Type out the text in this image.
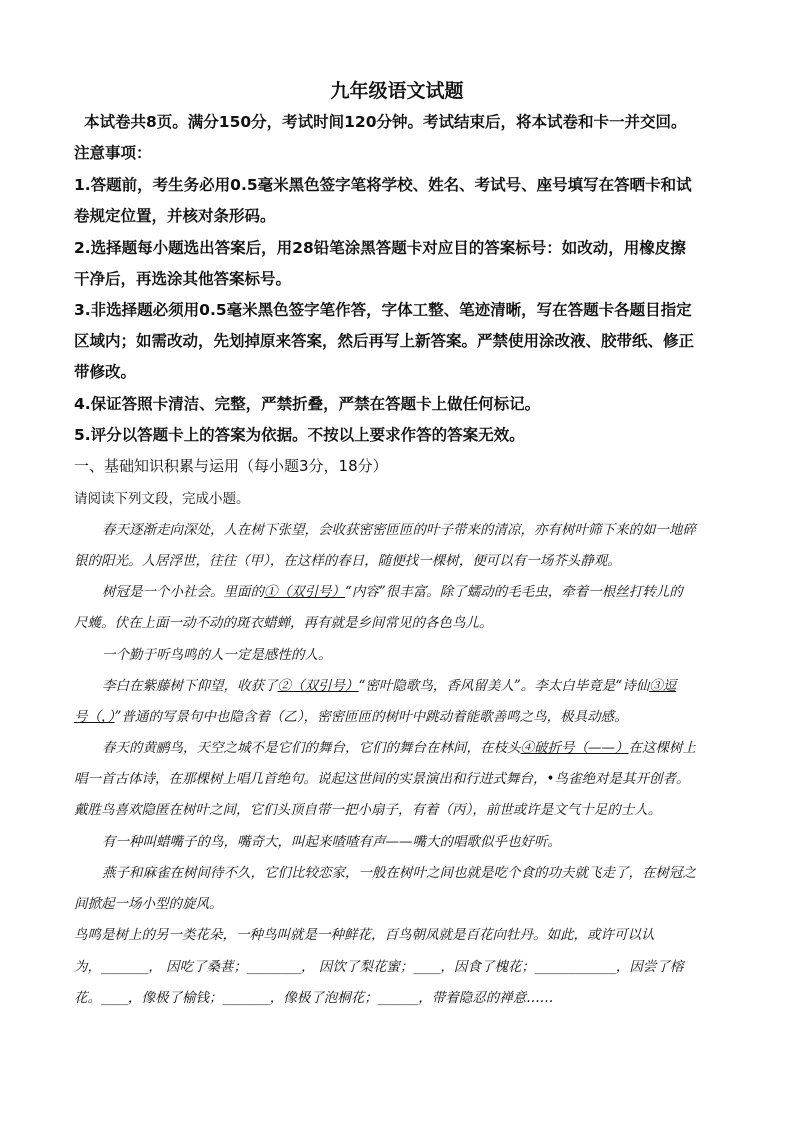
九年级语文试题
本试卷共8页。满分150分，考试时间120分钟。考试结束后，将本试卷和卡一并交回。
注意事项：
1.答题前，考生务必用0.5毫米黑色签字笔将学校、姓名、考试号、座号填写在答晒卡和试
卷规定位置，并核对条形码。
2.选择题每小题选出答案后，用28铅笔涂黑答题卡对应目的答案标号：如改动，用橡皮擦
干净后，再选涂其他答案标号。
3.非选择题必须用0.5毫米黑色签字笔作答，字体工整、笔迹清晰，写在答题卡各题目指定
区域内；如需改动，先划掉原来答案，然后再写上新答案。严禁使用涂改液、胶带纸、修正
带修改。
4.保证答照卡清洁、完整，严禁折叠，严禁在答题卡上做任何标记。
5.评分以答题卡上的答案为依据。不按以上要求作答的答案无效。
一、基础知识积累与运用（每小题3分，18分）
请阅读下列文段，完成小题。
春天逐渐走向深处，人在树下张望，会收获密密匝匝的叶子带来的清凉，亦有树叶筛下来的如一地碎
银的阳光。人居浮世，往往（甲），在这样的春日，随便找一棵树，便可以有一场芥头静观。
树冠是一个小社会。里面的①（双引号）“内容”很丰富。除了蠕动的毛毛虫，牵着一根丝打转儿的
尺蠖。伏在上面一动不动的斑衣蜡蝉，再有就是乡间常见的各色鸟儿。
一个勤于听鸟鸣的人一定是感性的人。
李白在紫藤树下仰望，收获了②（双引号）“密叶隐歌鸟，香风留美人”。李太白毕竟是“诗仙③逗
号（，）”普通的写景句中也隐含着（乙），密密匝匝的树叶中跳动着能歌善鸣之鸟，极具动感。
春天的黄鹂鸟，天空之城不是它们的舞台，它们的舞台在林间，在枝头④破折号（——）在这棵树上
唱一首古体诗，在那棵树上唱几首绝句。说起这世间的实景演出和行进式舞台，•鸟雀绝对是其开创者。
戴胜鸟喜欢隐匿在树叶之间，它们头顶自带一把小扇子，有着（丙），前世或许是文气十足的士人。
有一种叫蜡嘴子的鸟，嘴奇大，叫起来喳喳有声——嘴大的唱歌似乎也好听。
燕子和麻雀在树间待不久，它们比较恋家，一般在树叶之间也就是吃个食的功夫就飞走了，在树冠之
间掀起一场小型的旋风。
鸟鸣是树上的另一类花朵，一种鸟叫就是一种鲜花，百鸟朝凤就是百花向牡丹。如此，或许可以认
为，_______， 因吃了桑葚；________， 因饮了梨花蜜；____，因食了槐花；____________，因尝了榕
花。____，像极了榆钱；_______，像极了泡桐花；______，带着隐忍的禅意……
